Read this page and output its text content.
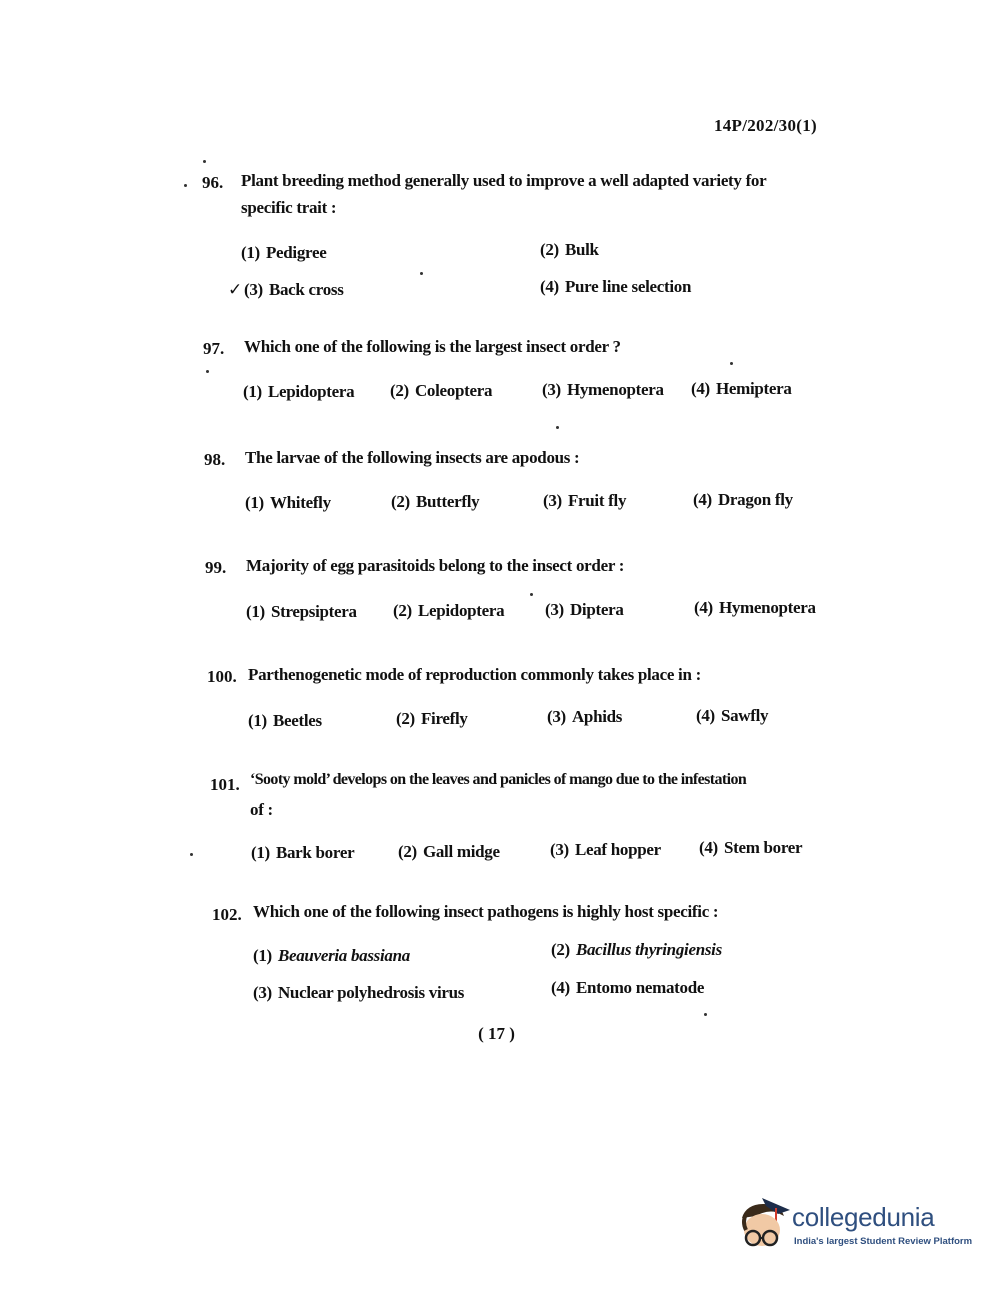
14P/202/30(1)
96. Plant breeding method generally used to improve a well adapted variety for
specific trait :
✓
(1) Pedigree	(2) Bulk
(3) Back cross	(4) Pure line selection
97. Which one of the following is the largest insect order ?
(1) Lepidoptera (2) Coleoptera	(3) Hymenoptera (4) Hemiptera
98. The larvae of the following insects are apodous :
(1) Whitefly	(2) Butterfly	(3) Fruit fly	(4) Dragon fly
99. Majority of egg parasitoids belong to the insect order :
(1) Strepsiptera (2) Lepidoptera (3) Diptera	(4) Hymenoptera
100. Parthenogenetic mode of reproduction commonly takes place in :
(1) Beetles	(2) Firefly	(3) Aphids	(4) Sawfly
101. ‘Sooty mold’ develops on the leaves and panicles of mango due to the infestation
of :
(1) Bark borer	(2) Gall midge	(3) Leaf hopper (4) Stem borer
102. Which one of the following insect pathogens is highly host specific :
(1) Beauveria bassiana	(2) Bacillus thyringiensis
(3) Nuclear polyhedrosis virus	(4) Entomo nematode
( 17 )
collegedunia
India's largest Student Review Platform
